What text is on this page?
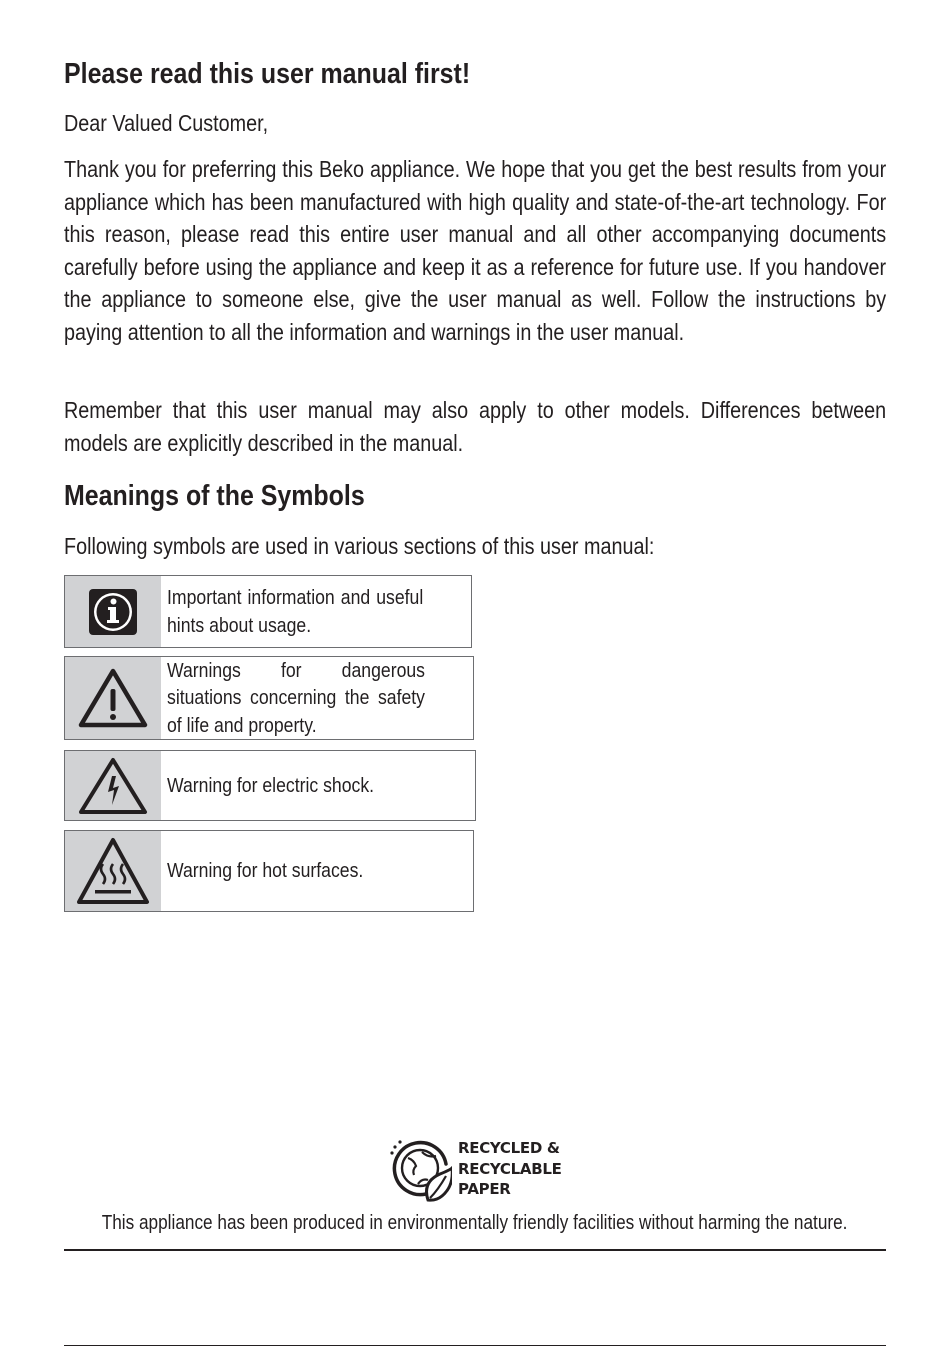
Please read this user manual first!
Dear Valued Customer,
Thank you for preferring this Beko appliance. We hope that you get the best results from your appliance which has been manufactured with high quality and state-of-the-art technology. For this reason, please read this entire user manual and all other accompanying documents carefully before using the appliance and keep it as a reference for future use. If you handover the appliance to someone else, give the user manual as well. Follow the instructions by paying attention to all the information and warnings in the user manual.
Remember that this user manual may also apply to other models. Differences between models are explicitly described in the manual.
Meanings of the Symbols
Following symbols are used in various sections of this user manual:
Important information and useful hints about usage.
Warnings for dangerous situations concerning the safety of life and property.
Warning for electric shock.
Warning for hot surfaces.
RECYCLED &
RECYCLABLE
PAPER
This appliance has been produced in environmentally friendly facilities without harming the nature.
